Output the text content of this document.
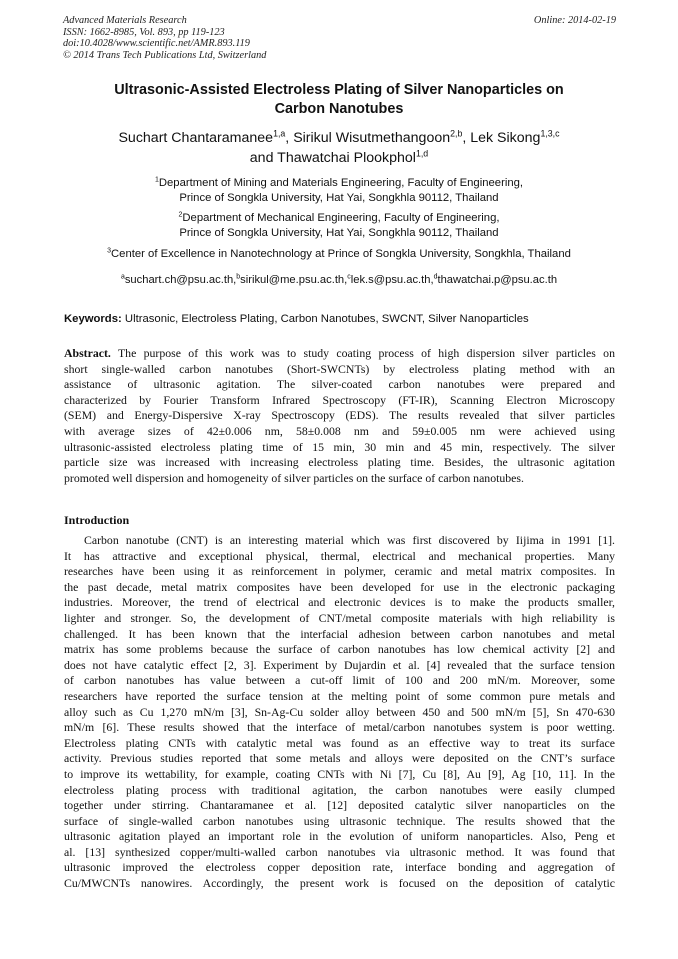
Advanced Materials Research
ISSN: 1662-8985, Vol. 893, pp 119-123
doi:10.4028/www.scientific.net/AMR.893.119
© 2014 Trans Tech Publications Ltd, Switzerland
Online: 2014-02-19
Ultrasonic-Assisted Electroless Plating of Silver Nanoparticles on
Carbon Nanotubes
Suchart Chantaramanee$^{1,a}$, Sirikul Wisutmethangoon$^{2,b}$, Lek Sikong$^{1,3,c}$
and Thawatchai Plookphol$^{1,d}$
$^1$Department of Mining and Materials Engineering, Faculty of Engineering,
Prince of Songkla University, Hat Yai, Songkhla 90112, Thailand
$^2$Department of Mechanical Engineering, Faculty of Engineering,
Prince of Songkla University, Hat Yai, Songkhla 90112, Thailand
$^3$Center of Excellence in Nanotechnology at Prince of Songkla University, Songkhla, Thailand
$^a$suchart.ch@psu.ac.th,$^b$sirikul@me.psu.ac.th,$^c$lek.s@psu.ac.th,$^d$thawatchai.p@psu.ac.th
Keywords: Ultrasonic, Electroless Plating, Carbon Nanotubes, SWCNT, Silver Nanoparticles
Abstract. The purpose of this work was to study coating process of high dispersion silver particles on
short single-walled carbon nanotubes (Short-SWCNTs) by electroless plating method with an
assistance of ultrasonic agitation. The silver-coated carbon nanotubes were prepared and
characterized by Fourier Transform Infrared Spectroscopy (FT-IR), Scanning Electron Microscopy
(SEM) and Energy-Dispersive X-ray Spectroscopy (EDS). The results revealed that silver particles
with average sizes of 42±0.006 nm, 58±0.008 nm and 59±0.005 nm were achieved using
ultrasonic-assisted electroless plating time of 15 min, 30 min and 45 min, respectively. The silver
particle size was increased with increasing electroless plating time. Besides, the ultrasonic agitation
promoted well dispersion and homogeneity of silver particles on the surface of carbon nanotubes.
Introduction
Carbon nanotube (CNT) is an interesting material which was first discovered by Iijima in 1991 [1].
It has attractive and exceptional physical, thermal, electrical and mechanical properties. Many
researches have been using it as reinforcement in polymer, ceramic and metal matrix composites. In
the past decade, metal matrix composites have been developed for use in the electronic packaging
industries. Moreover, the trend of electrical and electronic devices is to make the products smaller,
lighter and stronger. So, the development of CNT/metal composite materials with high reliability is
challenged. It has been known that the interfacial adhesion between carbon nanotubes and metal
matrix has some problems because the surface of carbon nanotubes has low chemical activity [2] and
does not have catalytic effect [2, 3]. Experiment by Dujardin et al. [4] revealed that the surface tension
of carbon nanotubes has value between a cut-off limit of 100 and 200 mN/m. Moreover, some
researchers have reported the surface tension at the melting point of some common pure metals and
alloy such as Cu 1,270 mN/m [3], Sn-Ag-Cu solder alloy between 450 and 500 mN/m [5], Sn 470-630
mN/m [6]. These results showed that the interface of metal/carbon nanotubes system is poor wetting.
Electroless plating CNTs with catalytic metal was found as an effective way to treat its surface
activity. Previous studies reported that some metals and alloys were deposited on the CNT’s surface
to improve its wettability, for example, coating CNTs with Ni [7], Cu [8], Au [9], Ag [10, 11]. In the
electroless plating process with traditional agitation, the carbon nanotubes were easily clumped
together under stirring. Chantaramanee et al. [12] deposited catalytic silver nanoparticles on the
surface of single-walled carbon nanotubes using ultrasonic technique. The results showed that the
ultrasonic agitation played an important role in the evolution of uniform nanoparticles. Also, Peng et
al. [13] synthesized copper/multi-walled carbon nanotubes via ultrasonic method. It was found that
ultrasonic improved the electroless copper deposition rate, interface bonding and aggregation of
Cu/MWCNTs nanowires. Accordingly, the present work is focused on the deposition of catalytic
